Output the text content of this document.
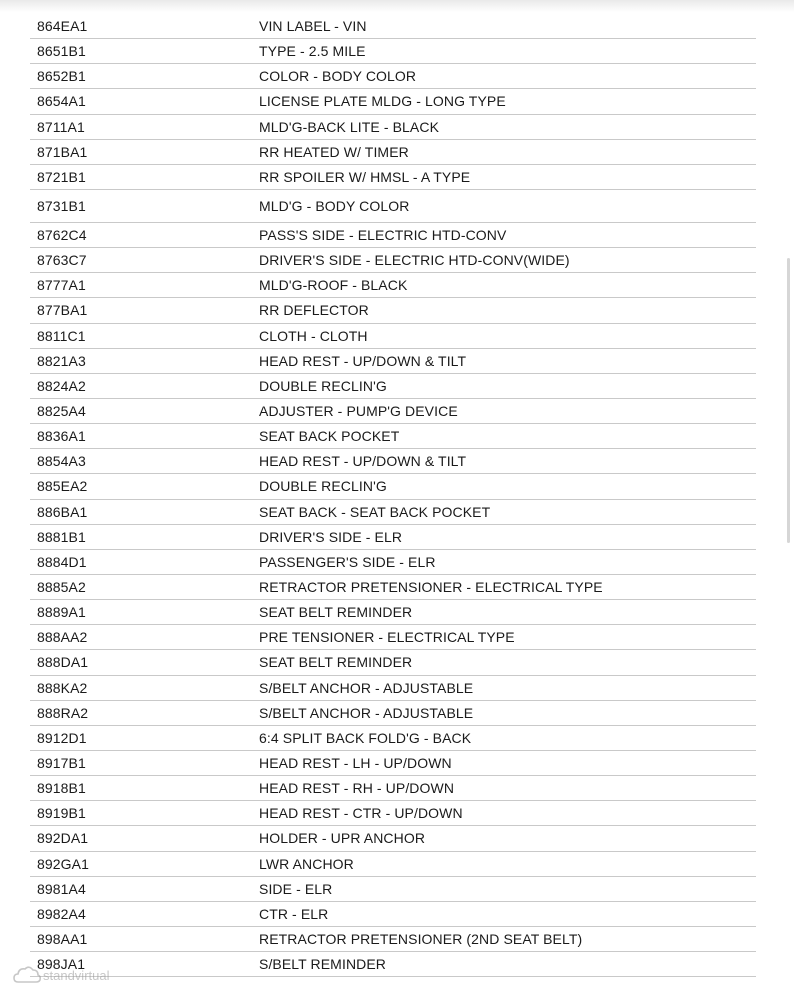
864EA1	VIN LABEL - VIN
8651B1	TYPE - 2.5 MILE
8652B1	COLOR - BODY COLOR
8654A1	LICENSE PLATE MLDG - LONG TYPE
8711A1	MLD'G-BACK LITE - BLACK
871BA1	RR HEATED W/ TIMER
8721B1	RR SPOILER W/ HMSL - A TYPE
8731B1	MLD'G - BODY COLOR
8762C4	PASS'S SIDE - ELECTRIC HTD-CONV
8763C7	DRIVER'S SIDE - ELECTRIC HTD-CONV(WIDE)
8777A1	MLD'G-ROOF - BLACK
877BA1	RR DEFLECTOR
8811C1	CLOTH - CLOTH
8821A3	HEAD REST - UP/DOWN & TILT
8824A2	DOUBLE RECLIN'G
8825A4	ADJUSTER - PUMP'G DEVICE
8836A1	SEAT BACK POCKET
8854A3	HEAD REST - UP/DOWN & TILT
885EA2	DOUBLE RECLIN'G
886BA1	SEAT BACK - SEAT BACK POCKET
8881B1	DRIVER'S SIDE - ELR
8884D1	PASSENGER'S SIDE - ELR
8885A2	RETRACTOR PRETENSIONER - ELECTRICAL TYPE
8889A1	SEAT BELT REMINDER
888AA2	PRE TENSIONER - ELECTRICAL TYPE
888DA1	SEAT BELT REMINDER
888KA2	S/BELT ANCHOR - ADJUSTABLE
888RA2	S/BELT ANCHOR - ADJUSTABLE
8912D1	6:4 SPLIT BACK FOLD'G - BACK
8917B1	HEAD REST - LH - UP/DOWN
8918B1	HEAD REST - RH - UP/DOWN
8919B1	HEAD REST - CTR - UP/DOWN
892DA1	HOLDER - UPR ANCHOR
892GA1	LWR ANCHOR
8981A4	SIDE - ELR
8982A4	CTR - ELR
898AA1	RETRACTOR PRETENSIONER (2ND SEAT BELT)
898JA1	S/BELT REMINDER
standvirtual
